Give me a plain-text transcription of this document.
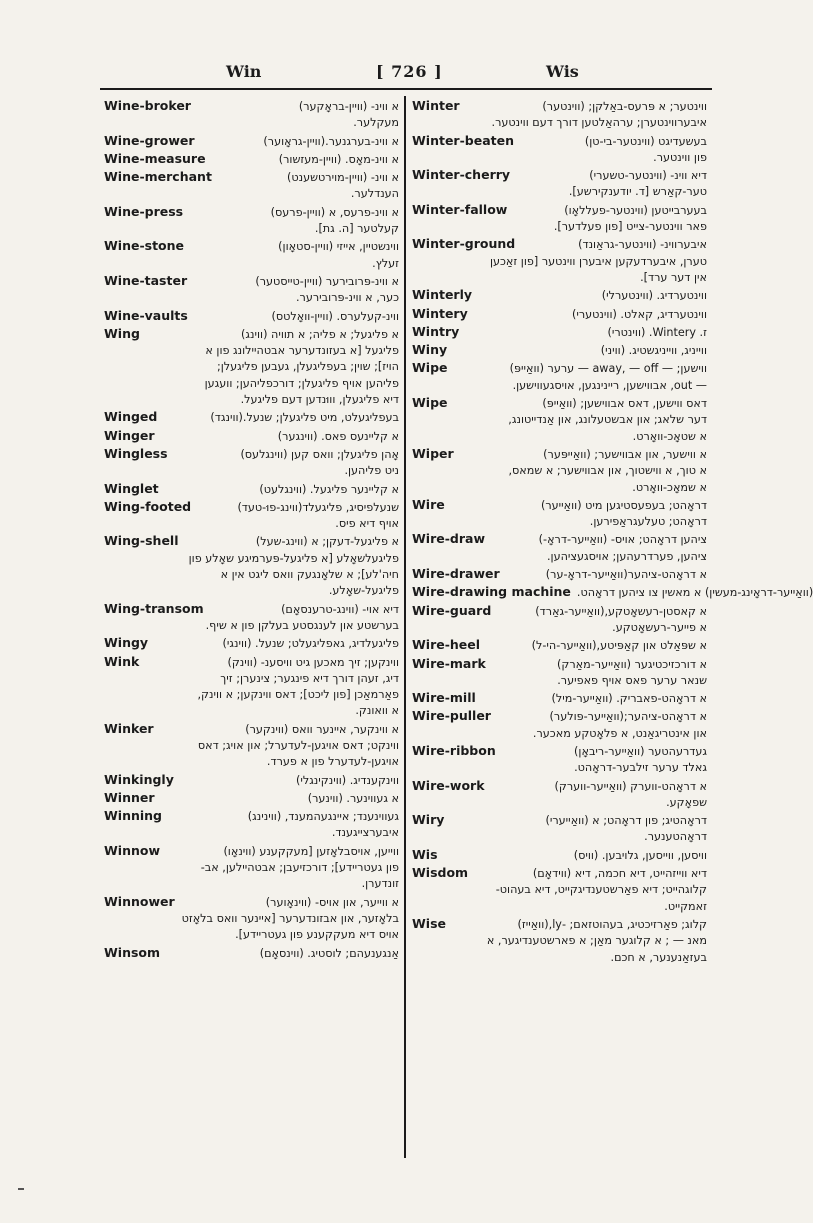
Win	[ 726 ]	Wis
Wine-broker	א ווינ- (וויין-בראָקער)
מעקלער.
Wine-grower	א ווינ-בערגנער.(וויין-גראָוער)
Wine-measure	א ווינ-מאָס. (וויין-מעזשור)
Wine-merchant	א ווינ- (וויין-מוירטשענט)
הענדלער.
Wine-press	א ווינ-פרעס, א (וויין-פרעס)
קעלטער [ה. גת].
Wine-stone	ווינשטיין, אייזי (וויין-סטאָון)
זעלץ.
Wine-taster	א ווינ-פּרובירער (וויין-טייסטער)
כער, א ווינ-פּרובירער.
Wine-vaults	ווינ-קעלערס. (וויין-וואָלטס)
Wing	א פליגעל; א פליה; א תוויה (ווינג)
פליגעל [א בעזונדערער אבטהיילונג פון א
הויז]; שוין; בעפליגעלן, געבען פליגעלן;
פליהען אויף פליגעלן; דורכפליהען; וועגען
דיא פליגעלן, וווּנדען דעם פליגעל.
Winged	בעפליגעלט, מיט פליגעלן; שנעל.(ווינגד)
Winger	א קליינעס פאס. (ווינגער)
Wingless	אָהן פליגעלן; וואס קען (ווינגלעס)
ניט פליהען.
Winglet	א קליינער פליגעל. (ווינגלעט)
Wing-footed	שנעלפיסיג, פליגעלד(ווינג-פוּ-טעד)
אויף דיא פיס.
Wing-shell	א פליגעל-דעקן; א (ווינג-שעל)
פליגעלשאָלע [א פליגעל-פּערמיגע שאָלע פון
חיה'לע]; א שלאָנגעק וואס ליגט אין א
פליגעל-שאָלע.
Wing-transom	דיא אוי- (ווינג-טרענסאָם)
בערשטע און לענגסטע בעלקן פון א שיף.
Wingy	פליגעלדיג, גאפליגעלט; שנעל. (ווינגי)
Wink	ווינקען; זיך מאכען גיט וויסענ- (ווינק)
דיג, זעהן דורך דיא פינגער; צינערן; זיך
פאַרמאַכן [פון ליכט]; דאס ווינקען; א ווינק,
א וואונק.
Winker	א ווינקער, איינער וואס (ווינקער)
ווינקט; דאס אויגען-לעדערל; און אויג; דאס
אויגען-לעדערל פון א פערד.
Winkingly	ווינקענדיג. (ווינקינגלי)
Winner	א געווינער. (ווינער)
Winning	געווינענד; איינגעהמענד, (ווינינג)
איבערצייגענד.
Winnow	ווייען, אויסבלאָזען [מעקקענע (ווינאָו)
פון געטריידע]; דורכזיעבן; אבטהיילען, אב-
זונדערן.
Winnower	א ווייער, און אויס- (ווינאָוער)
בלאָזער, און אבזונדערער [איינער וואס בלאָזט
אויס דיא מעקקענע פון געטריידע].
Winsom	אַנגענעהם; לוסטיג. (ווינסאָם)
Winter	ווינטער; א פּרעס-באַלקן; (ווינטער)
איבערווינטערן; ערהאַלטען דורך דעם ווינטער.
Winter-beaten	בעשעדיגט (ווינטער-בי-טן)
פון ווינטער.
Winter-cherry	דיא ווינ- (ווינטער-טשערי)
טער-קאַרש [ד. יודענקירשע].
Winter-fallow	בעערבייטען (ווינטער-פעללאָו)
פאר ווינטער-צייט [פון פעלדער].
Winter-ground	איבערווינ- (ווינטער-גראַונד)
טערן, איבערדעקען איבערן ווינטער [פון זאַכען
אין דער ערד].
Winterly	ווינטערדיג. (ווינטערלי)
Wintery	ווינטערדיג, קאלט. (ווינטערי)
Wintry	ז. Wintery. (ווינטרי)
Winy	ווייניג, ווייניגשטיג. (וויני)
Wipe	ווישען; — away, — off — ערער (וואַייפּ)
— out, אבווישען, ריינינגען, אויסגעווישען.
Wipe	דאס ווישען, דאס אבווישען; (וואַייפּ)
דער שלאג; און אבשטעלונג, און אַנדייטונג,
א שטאָכ-וואָרט.
Wiper	א ווישער, און אבווישער; (וואַייפּער)
א טוך, א ווישטוך, און אבווישער; א שמאס,
א שמאָכ-וואָרט.
Wire	דראָהט; בעפעסטיגען מיט (וואַייער)
דראָהט; טעלעגראַפירען.
Wire-draw	ציהען דראָהט; אויס- (וואַייער-דראָ-)
ציהען, פערדרעהען; אויסגעציהען.
Wire-drawer	א דראָהט-ציהער(וואַייער-דראָ-ער)
Wire-drawing machine (וואַייער-דראָינג-מעשין) א מאשין צו ציהען דראָהט.
Wire-guard	א קאסטן-רעשאָטקע,(וואַייער-גאַרד)
א פייער-רעשאָטקע.
Wire-heel	א שפּאַלט און קאַפּיטע,(וואַייער-הי-ל)
Wire-mark	א דורכזיכטיגער (וואַייער-מאַרק)
שנאר ערער פאס אויף פאפיער.
Wire-mill	א דראָהט-פאבריק. (וואַייער-מיל)
Wire-puller	א דראָהט-ציהער;(וואַייער-פּולער)
און אינטריגאַנט, א פלאָטקע מאכער.
Wire-ribbon	געדרעהטער (וואַייער-ריבאָן)
גאלד ערער זילבער-דראָהט.
Wire-work	א דראָהט-ווערק (וואַייער-ווערק)
שפאָקע.
Wiry	דראָהטיג; פון דראָהט; א (וואַייערי)
דראָהטענער.
Wis	וויסען, ווייסען, גלויבען. (וויס)
Wisdom	דיא ווייזהייט, דיא חכמה, דיא (ווידאָם)
קלוגהייט; דיא פאַרשטענדיגקייט, דיא בעהוט-
זאמקייט.
Wise	קלוג; פאַרזיכטיג, בעהוטזאם; -ly,(וואַייז)
מאנ — ; א קלוגער מאַן; א פארשטענדיגער, א
בעזאַנענער, א חכם.
